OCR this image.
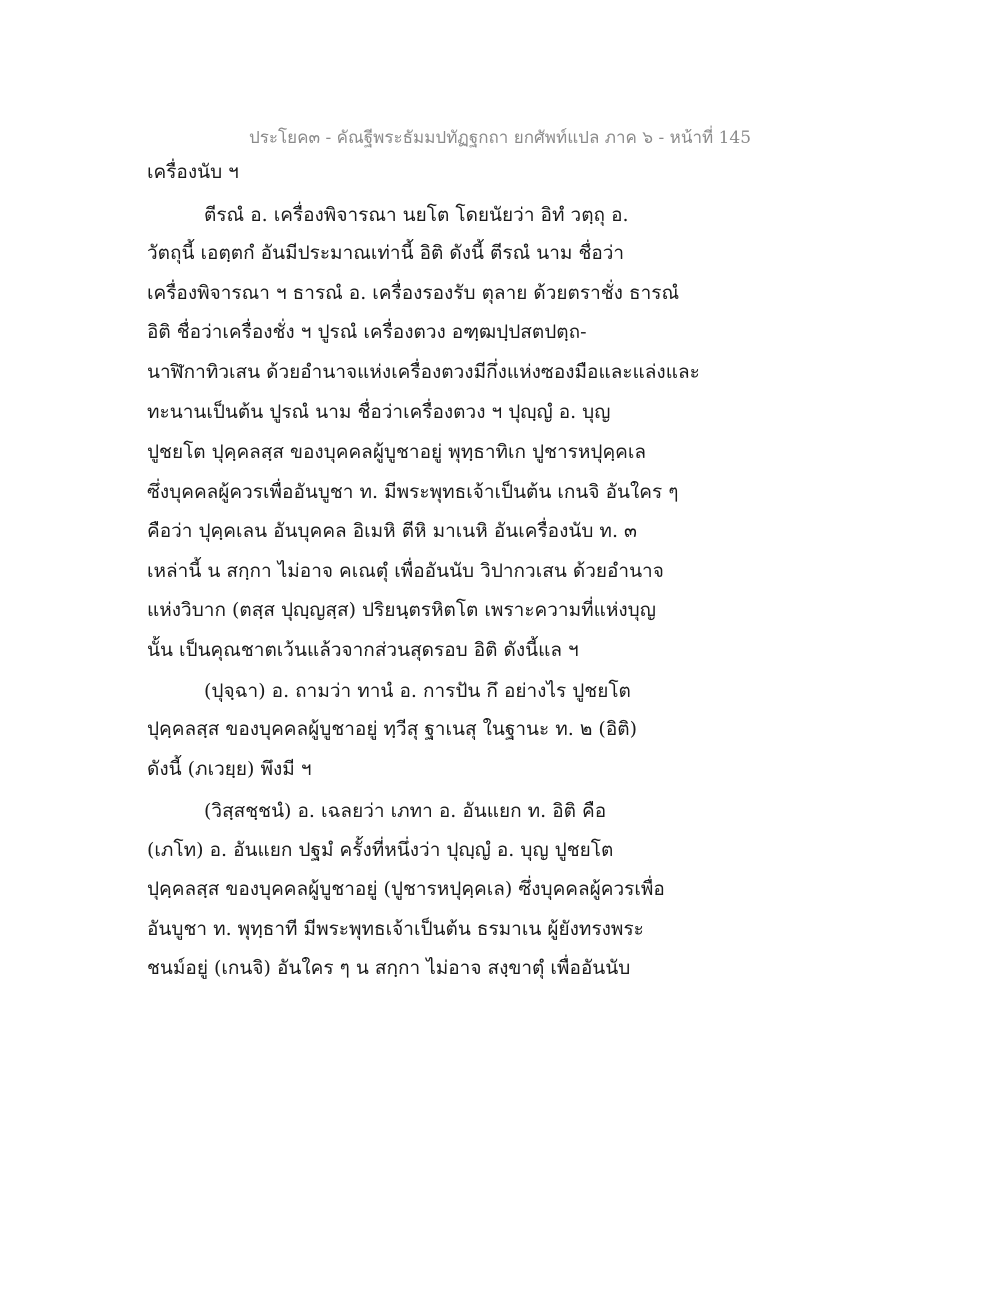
ประโยค๓ - คัณฐีพระธัมมปทัฏฐกถา ยกศัพท์แปล ภาค ๖ - หน้าที่ 145
เครื่องนับ ฯ
ตีรณํ อ. เครื่องพิจารณา นยโต โดยนัยว่า อิทํ วตฺถุ อ.
วัตถุนี้ เอตฺตกํ อันมีประมาณเท่านี้ อิติ ดังนี้ ตีรณํ นาม ชื่อว่า
เครื่องพิจารณา ฯ ธารณํ อ. เครื่องรองรับ ตุลาย ด้วยตราชั่ง ธารณํ
อิติ ชื่อว่าเครื่องชั่ง ฯ ปูรณํ เครื่องตวง อฑฺฒปฺปสตปตฺถ-
นาฬิกาทิวเสน ด้วยอำนาจแห่งเครื่องตวงมีกึ่งแห่งซองมือและแล่งและ
ทะนานเป็นต้น ปูรณํ นาม ชื่อว่าเครื่องตวง ฯ ปุญฺญํ อ. บุญ
ปูชยโต ปุคฺคลสฺส ของบุคคลผู้บูชาอยู่ พุทฺธาทิเก ปูชารหปุคฺคเล
ซึ่งบุคคลผู้ควรเพื่ออันบูชา ท. มีพระพุทธเจ้าเป็นต้น เกนจิ อันใคร ๆ
คือว่า ปุคฺคเลน อันบุคคล อิเมหิ ตีหิ มาเนหิ อันเครื่องนับ ท. ๓
เหล่านี้ น สกฺกา ไม่อาจ คเณตุํ เพื่ออันนับ วิปากวเสน ด้วยอำนาจ
แห่งวิบาก (ตสฺส ปุญฺญสฺส) ปริยนฺตรหิตโต เพราะความที่แห่งบุญ
นั้น เป็นคุณชาตเว้นแล้วจากส่วนสุดรอบ อิติ ดังนี้แล ฯ
(ปุจฺฉา) อ. ถามว่า ทานํ อ. การปัน กึ อย่างไร ปูชยโต
ปุคฺคลสฺส ของบุคคลผู้บูชาอยู่ ทฺวีสุ ฐาเนสุ ในฐานะ ท. ๒ (อิติ)
ดังนี้ (ภเวยฺย) พึงมี ฯ
(วิสฺสชฺชนํ) อ. เฉลยว่า เภทา อ. อันแยก ท. อิติ คือ
(เภโท) อ. อันแยก ปฐมํ ครั้งที่หนึ่งว่า ปุญฺญํ อ. บุญ ปูชยโต
ปุคฺคลสฺส ของบุคคลผู้บูชาอยู่ (ปูชารหปุคฺคเล) ซึ่งบุคคลผู้ควรเพื่อ
อันบูชา ท. พุทฺธาที มีพระพุทธเจ้าเป็นต้น ธรมาเน ผู้ยังทรงพระ
ชนม์อยู่ (เกนจิ) อันใคร ๆ น สกฺกา ไม่อาจ สงฺขาตุํ เพื่ออันนับ
